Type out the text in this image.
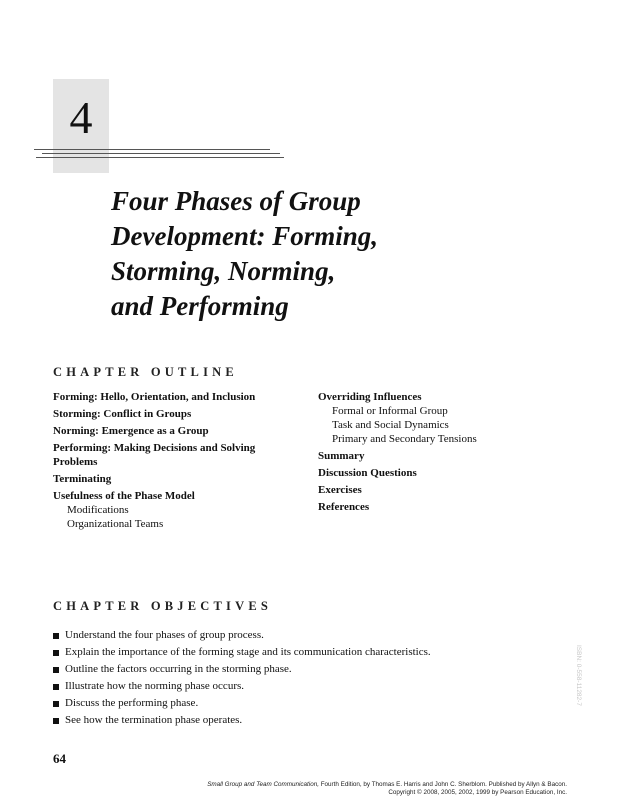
4
Four Phases of Group
Development: Forming,
Storming, Norming,
and Performing
CHAPTER OUTLINE
Forming: Hello, Orientation, and Inclusion
Storming: Conflict in Groups
Norming: Emergence as a Group
Performing: Making Decisions and Solving Problems
Terminating
Usefulness of the Phase Model
Modifications
Organizational Teams
Overriding Influences
Formal or Informal Group
Task and Social Dynamics
Primary and Secondary Tensions
Summary
Discussion Questions
Exercises
References
CHAPTER OBJECTIVES
Understand the four phases of group process.
Explain the importance of the forming stage and its communication characteristics.
Outline the factors occurring in the storming phase.
Illustrate how the norming phase occurs.
Discuss the performing phase.
See how the termination phase operates.
64
ISBN: 0-558-11282-7
Small Group and Team Communication, Fourth Edition, by Thomas E. Harris and John C. Sherblom. Published by Allyn & Bacon.
Copyright © 2008, 2005, 2002, 1999 by Pearson Education, Inc.
